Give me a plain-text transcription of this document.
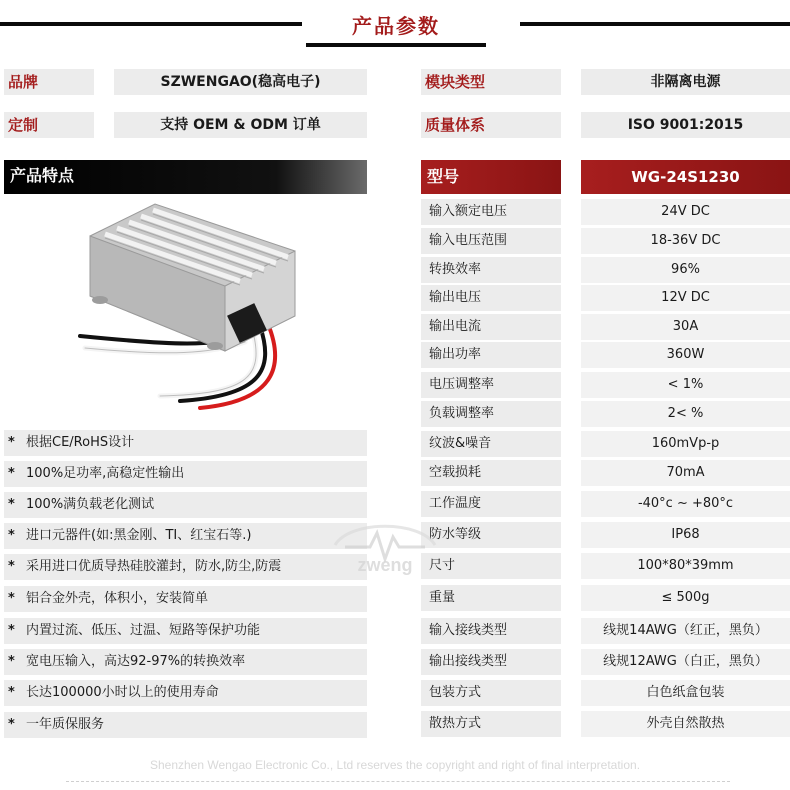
产品参数
品牌	SZWENGAO(稳高电子)	模块类型	非隔离电源
定制	支持 OEM & ODM 订单	质量体系	ISO 9001:2015
产品特点	型号	WG-24S1230
* 根据CE/RoHS设计
* 100%足功率,高稳定性输出
* 100%满负载老化测试
* 进口元器件(如:黑金刚、TI、红宝石等.)
* 采用进口优质导热硅胶灌封，防水,防尘,防震
* 铝合金外壳，体积小，安装简单
* 内置过流、低压、过温、短路等保护功能
* 宽电压输入，高达92-97%的转换效率
* 长达100000小时以上的使用寿命
* 一年质保服务
输入额定电压	24V DC
输入电压范围	18-36V DC
转换效率	96%
输出电压	12V DC
输出电流	30A
输出功率	360W
电压调整率	< 1%
负载调整率	2< %
纹波&噪音	160mVp-p
空载损耗	70mA
工作温度	-40°c ~ +80°c
防水等级	IP68
尺寸	100*80*39mm
重量	≤ 500g
输入接线类型	线规14AWG（红正，黑负）
输出接线类型	线规12AWG（白正，黑负）
包装方式	白色纸盒包装
散热方式	外壳自然散热
zweng
Shenzhen Wengao Electronic Co., Ltd reserves the copyright and right of final interpretation.
